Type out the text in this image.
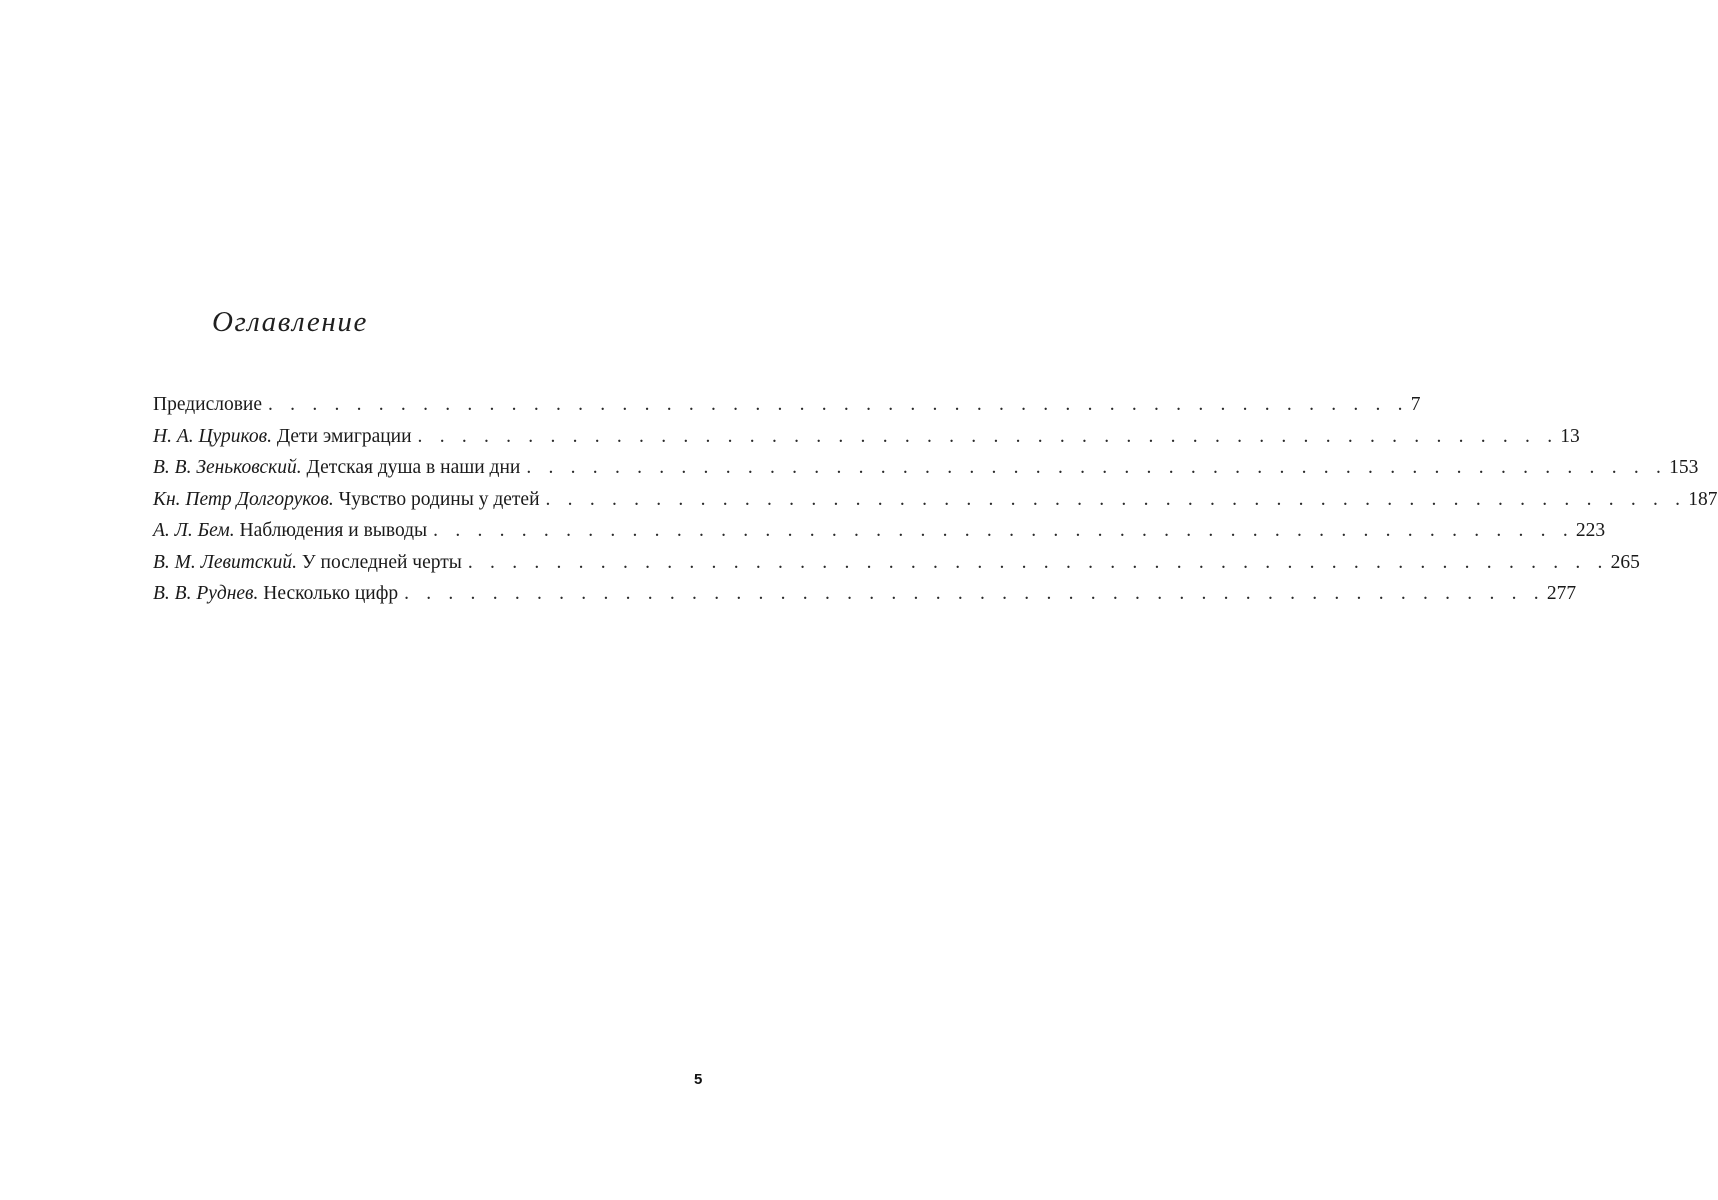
Оглавление
Предисловие . . . . . . . . . . . . . . . . . . . . . . . . . . . . . . . . . . . . . . . . . . . . . . . . . . . . 7
Н. А. Цуриков. Дети эмиграции . . . . . . . . . . . . . . . . . . . . . . . . . . . . . . . . . . . . . . . . . . . . . . . . . . . . 13
В. В. Зеньковский. Детская душа в наши дни . . . . . . . . . . . . . . . . . . . . . . . . . . . . . . . . . . . . . . . . . . . . . . . . . . . . 153
Кн. Петр Долгоруков. Чувство родины у детей . . . . . . . . . . . . . . . . . . . . . . . . . . . . . . . . . . . . . . . . . . . . . . . . . . . . 187
А. Л. Бем. Наблюдения и выводы . . . . . . . . . . . . . . . . . . . . . . . . . . . . . . . . . . . . . . . . . . . . . . . . . . . . 223
В. М. Левитский. У последней черты . . . . . . . . . . . . . . . . . . . . . . . . . . . . . . . . . . . . . . . . . . . . . . . . . . . . 265
В. В. Руднев. Несколько цифр . . . . . . . . . . . . . . . . . . . . . . . . . . . . . . . . . . . . . . . . . . . . . . . . . . . . 277
5
